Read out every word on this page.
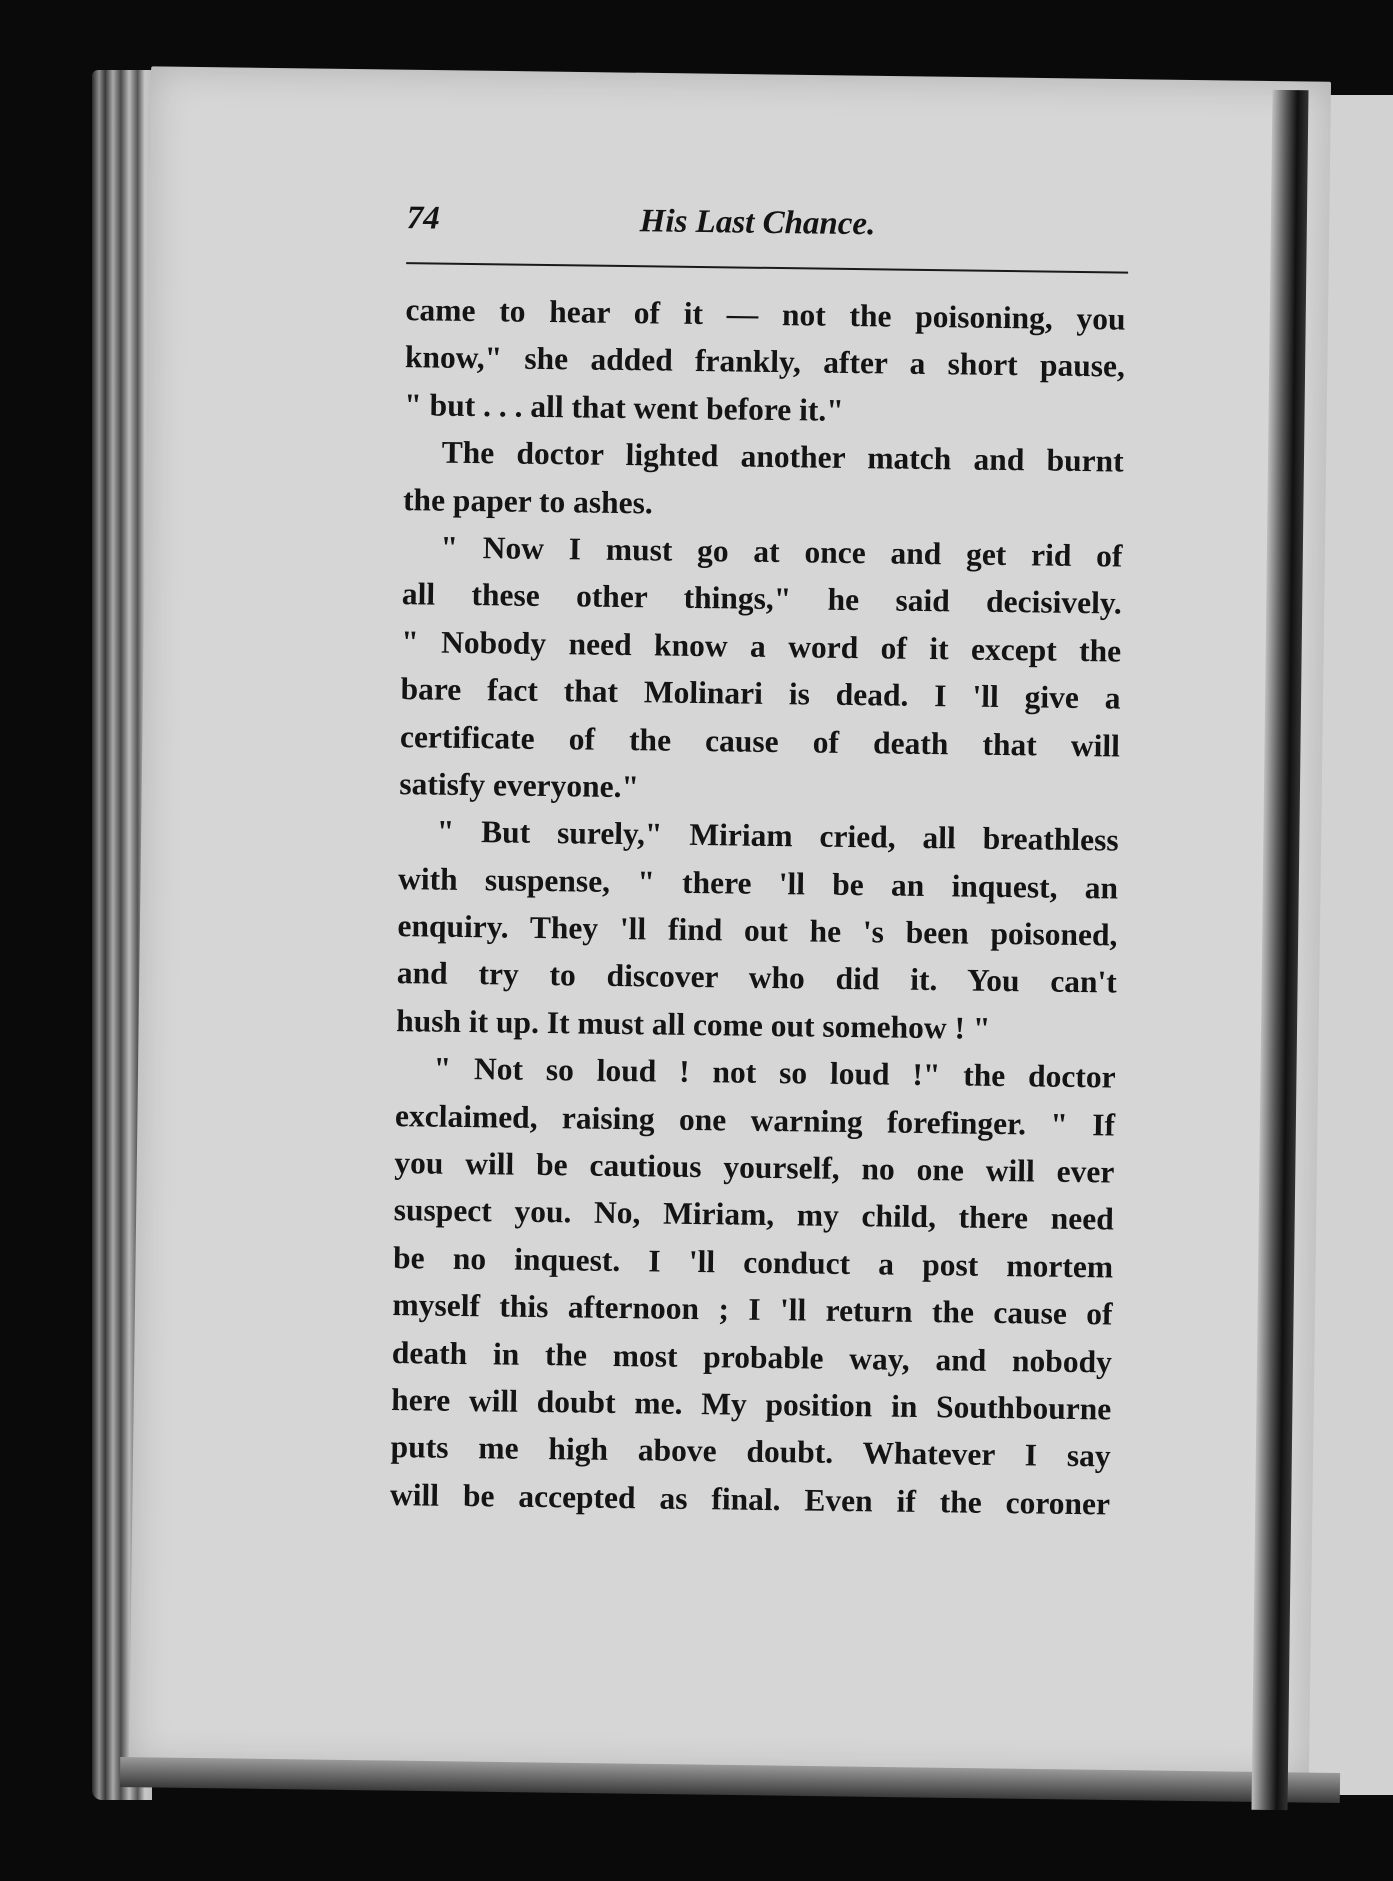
74	His Last Chance.
came to hear of it — not the poisoning, you
know," she added frankly, after a short pause,
" but . . . all that went before it."
The doctor lighted another match and burnt
the paper to ashes.
" Now I must go at once and get rid of
all these other things," he said decisively.
" Nobody need know a word of it except the
bare fact that Molinari is dead. I 'll give a
certificate of the cause of death that will
satisfy everyone."
" But surely," Miriam cried, all breathless
with suspense, " there 'll be an inquest, an
enquiry. They 'll find out he 's been poisoned,
and try to discover who did it. You can't
hush it up. It must all come out somehow ! "
" Not so loud ! not so loud !" the doctor
exclaimed, raising one warning forefinger. " If
you will be cautious yourself, no one will ever
suspect you. No, Miriam, my child, there need
be no inquest. I 'll conduct a post mortem
myself this afternoon ; I 'll return the cause of
death in the most probable way, and nobody
here will doubt me. My position in Southbourne
puts me high above doubt. Whatever I say
will be accepted as final. Even if the coroner
